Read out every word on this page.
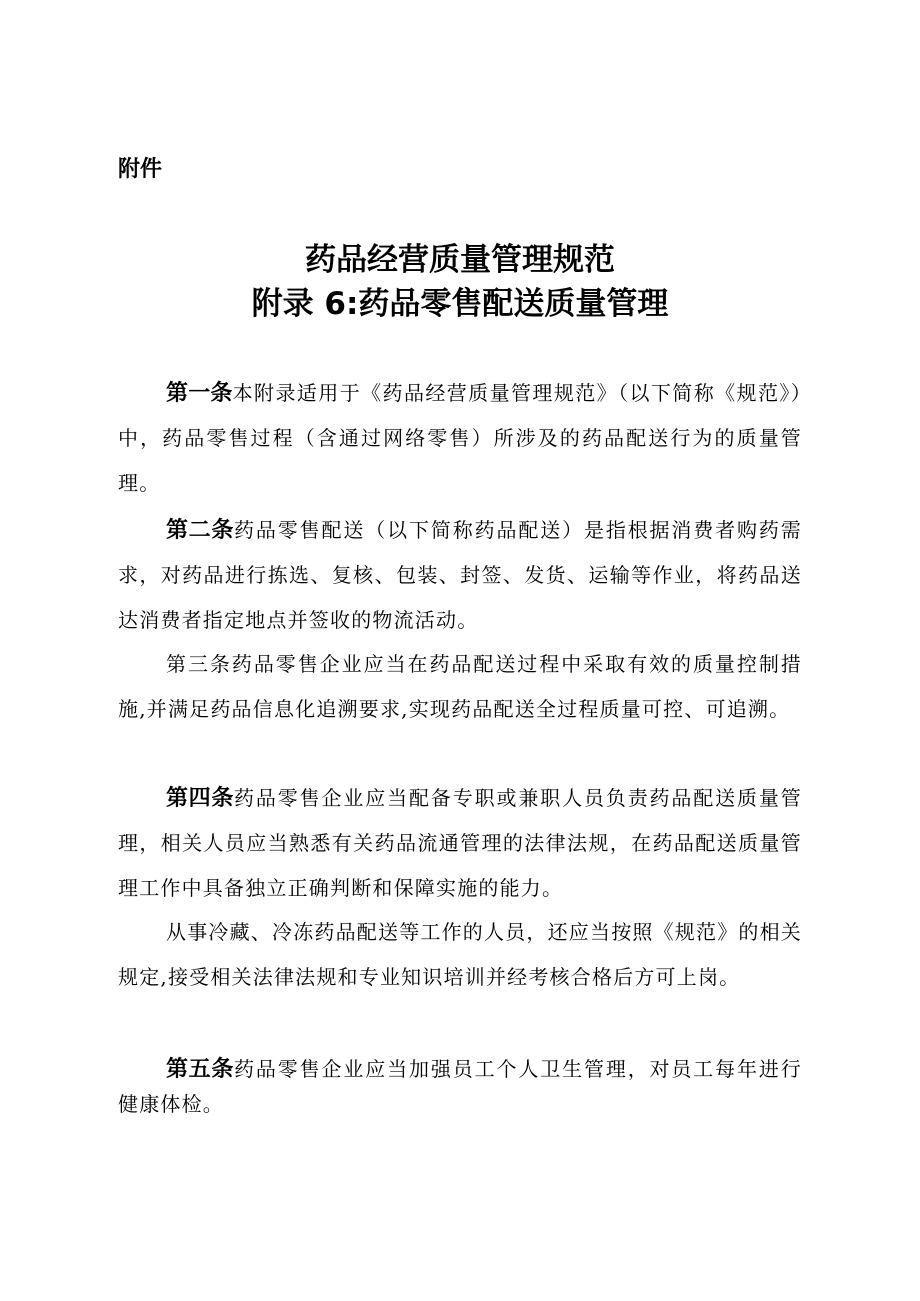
附件
药品经营质量管理规范
附录 6:药品零售配送质量管理

第一条本附录适用于《药品经营质量管理规范》（以下简称《规范》）中，药品零售过程（含通过网络零售）所涉及的药品配送行为的质量管理。

第二条药品零售配送（以下简称药品配送）是指根据消费者购药需求，对药品进行拣选、复核、包装、封签、发货、运输等作业，将药品送达消费者指定地点并签收的物流活动。

第三条药品零售企业应当在药品配送过程中采取有效的质量控制措施,并满足药品信息化追溯要求,实现药品配送全过程质量可控、可追溯。

第四条药品零售企业应当配备专职或兼职人员负责药品配送质量管理，相关人员应当熟悉有关药品流通管理的法律法规，在药品配送质量管理工作中具备独立正确判断和保障实施的能力。

从事冷藏、冷冻药品配送等工作的人员，还应当按照《规范》的相关规定,接受相关法律法规和专业知识培训并经考核合格后方可上岗。

第五条药品零售企业应当加强员工个人卫生管理，对员工每年进行健康体检。
